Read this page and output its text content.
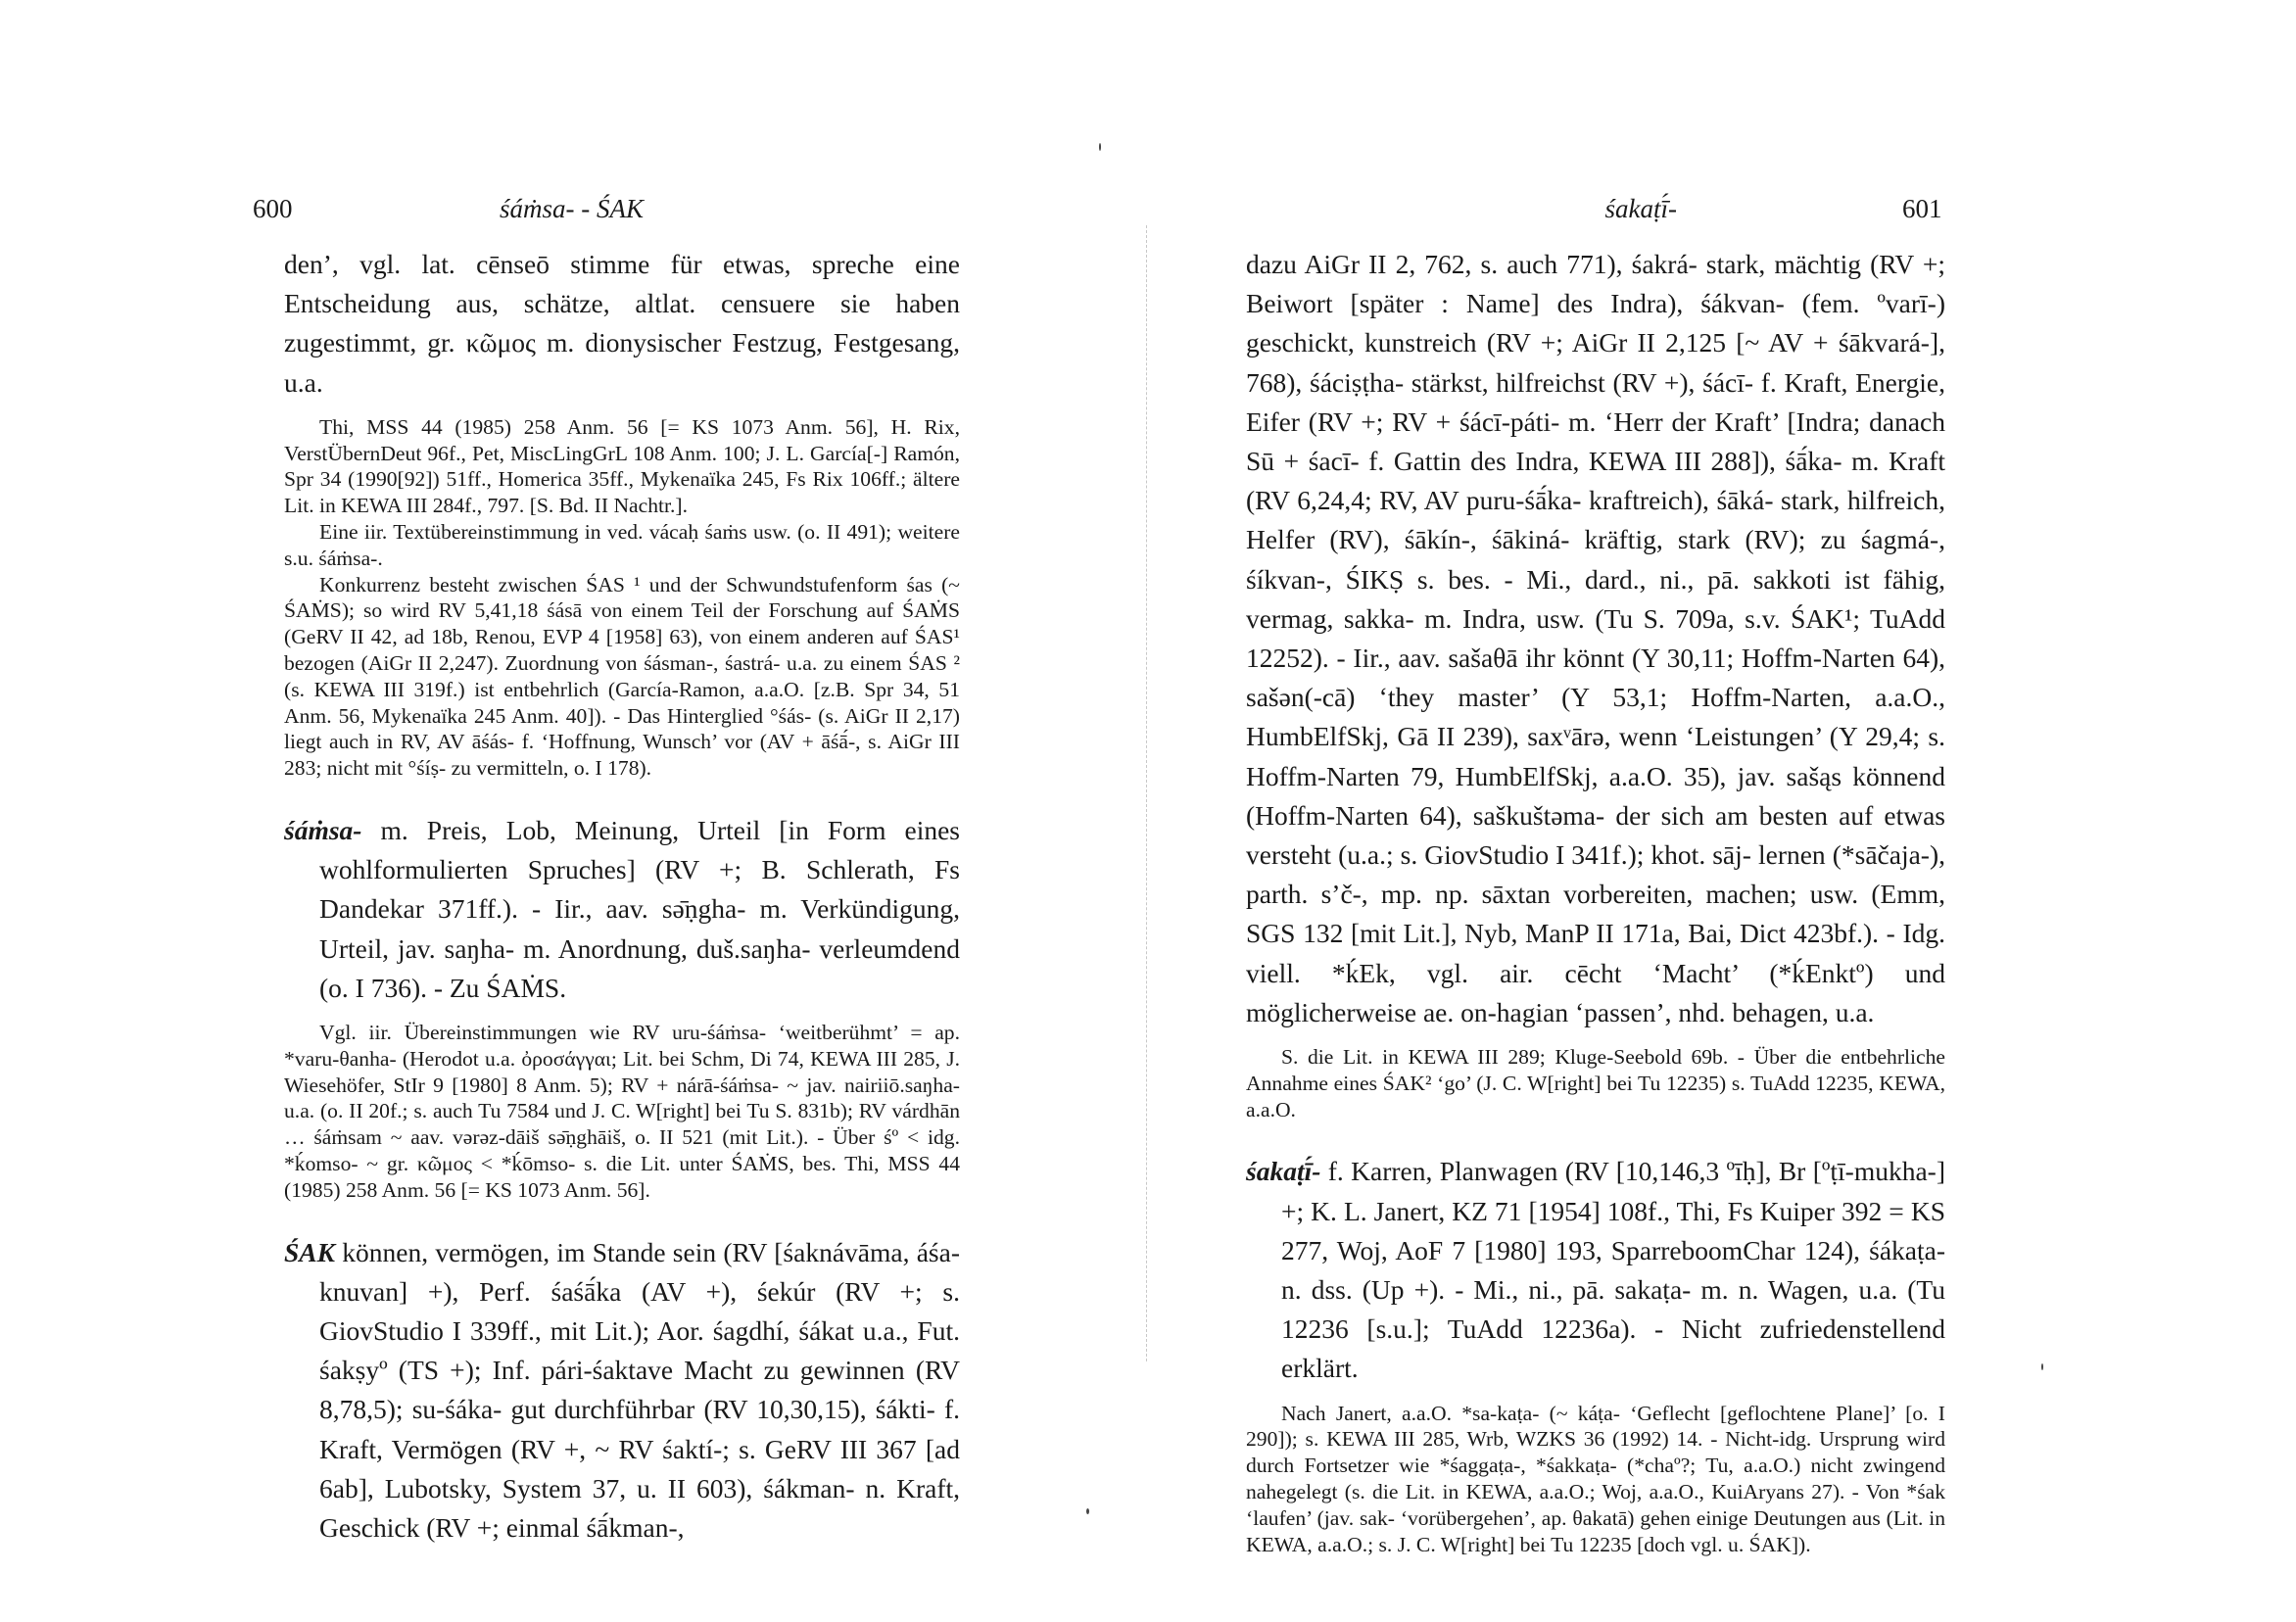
600	śáṁsa- - ŚAK

den’, vgl. lat. cēnseō stimme für etwas, spreche eine Entscheidung aus, schätze, altlat. censuere sie haben zugestimmt, gr. κῶμος m. dionysischer Festzug, Festgesang, u.a.

Thi, MSS 44 (1985) 258 Anm. 56 [= KS 1073 Anm. 56], H. Rix, VerstÜbernDeut 96f., Pet, MiscLingGrL 108 Anm. 100; J. L. García[-] Ramón, Spr 34 (1990[92]) 51ff., Homerica 35ff., Mykenaïka 245, Fs Rix 106ff.; ältere Lit. in KEWA III 284f., 797. [S. Bd. II Nachtr.].

Eine iir. Textübereinstimmung in ved. vácaḥ śaṁs usw. (o. II 491); weitere s.u. śáṁsa-.

Konkurrenz besteht zwischen ŚAS ¹ und der Schwundstufenform śas (~ ŚAṀS); so wird RV 5,41,18 śásā von einem Teil der Forschung auf ŚAṀS (GeRV II 42, ad 18b, Renou, EVP 4 [1958] 63), von einem anderen auf ŚAS¹ bezogen (AiGr II 2,247). Zuordnung von śásman-, śastrá- u.a. zu einem ŚAS ² (s. KEWA III 319f.) ist entbehrlich (García-Ramon, a.a.O. [z.B. Spr 34, 51 Anm. 56, Mykenaïka 245 Anm. 40]). - Das Hinterglied °śás- (s. AiGr II 2,17) liegt auch in RV, AV āśás- f. ‘Hoffnung, Wunsch’ vor (AV + āśā́-, s. AiGr III 283; nicht mit °śíṣ- zu vermitteln, o. I 178).

śáṁsa- m. Preis, Lob, Meinung, Urteil [in Form eines wohlformulierten Spruches] (RV +; B. Schlerath, Fs Dandekar 371ff.). - Iir., aav. sə̄ṇgha- m. Verkündigung, Urteil, jav. saŋha- m. Anordnung, duš.saŋha- verleumdend (o. I 736). - Zu ŚAṀS.

Vgl. iir. Übereinstimmungen wie RV uru-śáṁsa- ‘weitberühmt’ = ap. *varu-θanha- (Herodot u.a. ὀροσάγγαι; Lit. bei Schm, Di 74, KEWA III 285, J. Wiesehöfer, StIr 9 [1980] 8 Anm. 5); RV + nárā-śáṁsa- ~ jav. nairiiō.saŋha- u.a. (o. II 20f.; s. auch Tu 7584 und J. C. W[right] bei Tu S. 831b); RV várdhān … śáṁsam ~ aav. vərəz-dāiš sə̄ṇghāiš, o. II 521 (mit Lit.). - Über śº < idg. *ḱomso- ~ gr. κῶμος < *ḱōmso- s. die Lit. unter ŚAṀS, bes. Thi, MSS 44 (1985) 258 Anm. 56 [= KS 1073 Anm. 56].

ŚAK können, vermögen, im Stande sein (RV [śaknávāma, áśa-knuvan] +), Perf. śaśā́ka (AV +), śekúr (RV +; s. GiovStudio I 339ff., mit Lit.); Aor. śagdhí, śákat u.a., Fut. śakṣyº (TS +); Inf. pári-śaktave Macht zu gewinnen (RV 8,78,5); su-śáka- gut durchführbar (RV 10,30,15), śákti- f. Kraft, Vermögen (RV +, ~ RV śaktí-; s. GeRV III 367 [ad 6ab], Lubotsky, System 37, u. II 603), śákman- n. Kraft, Geschick (RV +; einmal śā́kman-,

śakaṭī́-	601

dazu AiGr II 2, 762, s. auch 771), śakrá- stark, mächtig (RV +; Beiwort [später : Name] des Indra), śákvan- (fem. ºvarī-) geschickt, kunstreich (RV +; AiGr II 2,125 [~ AV + śākvará-], 768), śáciṣṭha- stärkst, hilfreichst (RV +), śácī- f. Kraft, Energie, Eifer (RV +; RV + śácī-páti- m. ‘Herr der Kraft’ [Indra; danach Sū + śacī- f. Gattin des Indra, KEWA III 288]), śā́ka- m. Kraft (RV 6,24,4; RV, AV puru-śā́ka- kraftreich), śāká- stark, hilfreich, Helfer (RV), śākín-, śākiná- kräftig, stark (RV); zu śagmá-, śíkvan-, ŚIKṢ s. bes. - Mi., dard., ni., pā. sakkoti ist fähig, vermag, sakka- m. Indra, usw. (Tu S. 709a, s.v. ŚAK¹; TuAdd 12252). - Iir., aav. sašaθā ihr könnt (Y 30,11; Hoffm-Narten 64), sašən(-cā) ‘they master’ (Y 53,1; Hoffm-Narten, a.a.O., HumbElfSkj, Gā II 239), saxᵛārə, wenn ‘Leistungen’ (Y 29,4; s. Hoffm-Narten 79, HumbElfSkj, a.a.O. 35), jav. sašąs könnend (Hoffm-Narten 64), saškuštəma- der sich am besten auf etwas versteht (u.a.; s. GiovStudio I 341f.); khot. sāj- lernen (*sāčaja-), parth. s’č-, mp. np. sāxtan vorbereiten, machen; usw. (Emm, SGS 132 [mit Lit.], Nyb, ManP II 171a, Bai, Dict 423bf.). - Idg. viell. *ḱEk, vgl. air. cēcht ‘Macht’ (*ḱEnktº) und möglicherweise ae. on-hagian ‘passen’, nhd. behagen, u.a.

S. die Lit. in KEWA III 289; Kluge-Seebold 69b. - Über die entbehrliche Annahme eines ŚAK² ‘go’ (J. C. W[right] bei Tu 12235) s. TuAdd 12235, KEWA, a.a.O.

śakaṭī́- f. Karren, Planwagen (RV [10,146,3 ºīḥ], Br [ºṭī-mukha-] +; K. L. Janert, KZ 71 [1954] 108f., Thi, Fs Kuiper 392 = KS 277, Woj, AoF 7 [1980] 193, SparreboomChar 124), śákaṭa- n. dss. (Up +). - Mi., ni., pā. sakaṭa- m. n. Wagen, u.a. (Tu 12236 [s.u.]; TuAdd 12236a). - Nicht zufriedenstellend erklärt.

Nach Janert, a.a.O. *sa-kaṭa- (~ káṭa- ‘Geflecht [geflochtene Plane]’ [o. I 290]); s. KEWA III 285, Wrb, WZKS 36 (1992) 14. - Nicht-idg. Ursprung wird durch Fortsetzer wie *śaggaṭa-, *śakkaṭa- (*chaº?; Tu, a.a.O.) nicht zwingend nahegelegt (s. die Lit. in KEWA, a.a.O.; Woj, a.a.O., KuiAryans 27). - Von *śak ‘laufen’ (jav. sak- ‘vorübergehen’, ap. θakatā) gehen einige Deutungen aus (Lit. in KEWA, a.a.O.; s. J. C. W[right] bei Tu 12235 [doch vgl. u. ŚAK]).
